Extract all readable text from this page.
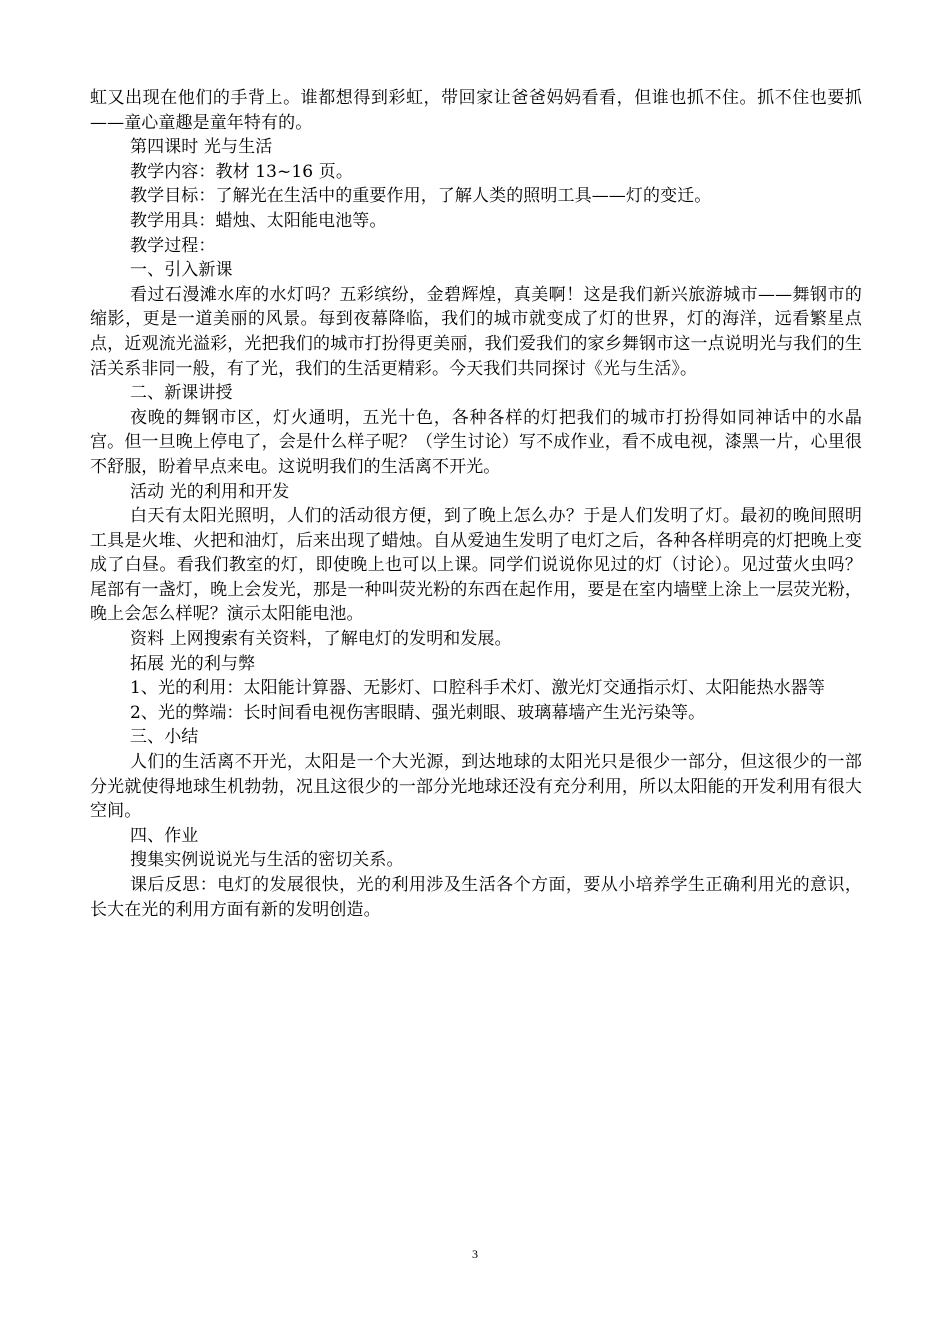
虹又出现在他们的手背上。谁都想得到彩虹，带回家让爸爸妈妈看看，但谁也抓不住。抓不住也要抓——童心童趣是童年特有的。

第四课时 光与生活

教学内容：教材 13~16 页。

教学目标：了解光在生活中的重要作用，了解人类的照明工具——灯的变迁。

教学用具：蜡烛、太阳能电池等。

教学过程：

一、引入新课

看过石漫滩水库的水灯吗？五彩缤纷，金碧辉煌，真美啊！这是我们新兴旅游城市——舞钢市的缩影，更是一道美丽的风景。每到夜幕降临，我们的城市就变成了灯的世界，灯的海洋，远看繁星点点，近观流光溢彩，光把我们的城市打扮得更美丽，我们爱我们的家乡舞钢市这一点说明光与我们的生活关系非同一般，有了光，我们的生活更精彩。今天我们共同探讨《光与生活》。

二、新课讲授

夜晚的舞钢市区，灯火通明，五光十色，各种各样的灯把我们的城市打扮得如同神话中的水晶宫。但一旦晚上停电了，会是什么样子呢？（学生讨论）写不成作业，看不成电视，漆黑一片，心里很不舒服，盼着早点来电。这说明我们的生活离不开光。

活动 光的利用和开发

白天有太阳光照明，人们的活动很方便，到了晚上怎么办？于是人们发明了灯。最初的晚间照明工具是火堆、火把和油灯，后来出现了蜡烛。自从爱迪生发明了电灯之后，各种各样明亮的灯把晚上变成了白昼。看我们教室的灯，即使晚上也可以上课。同学们说说你见过的灯（讨论）。见过萤火虫吗？尾部有一盏灯，晚上会发光，那是一种叫荧光粉的东西在起作用，要是在室内墙壁上涂上一层荧光粉，晚上会怎么样呢？演示太阳能电池。

资料 上网搜索有关资料，了解电灯的发明和发展。

拓展 光的利与弊

1、光的利用：太阳能计算器、无影灯、口腔科手术灯、激光灯交通指示灯、太阳能热水器等

2、光的弊端：长时间看电视伤害眼睛、强光刺眼、玻璃幕墙产生光污染等。

三、小结

人们的生活离不开光，太阳是一个大光源，到达地球的太阳光只是很少一部分，但这很少的一部分光就使得地球生机勃勃，况且这很少的一部分光地球还没有充分利用，所以太阳能的开发利用有很大空间。

四、作业

搜集实例说说光与生活的密切关系。

课后反思：电灯的发展很快，光的利用涉及生活各个方面，要从小培养学生正确利用光的意识，长大在光的利用方面有新的发明创造。

3
